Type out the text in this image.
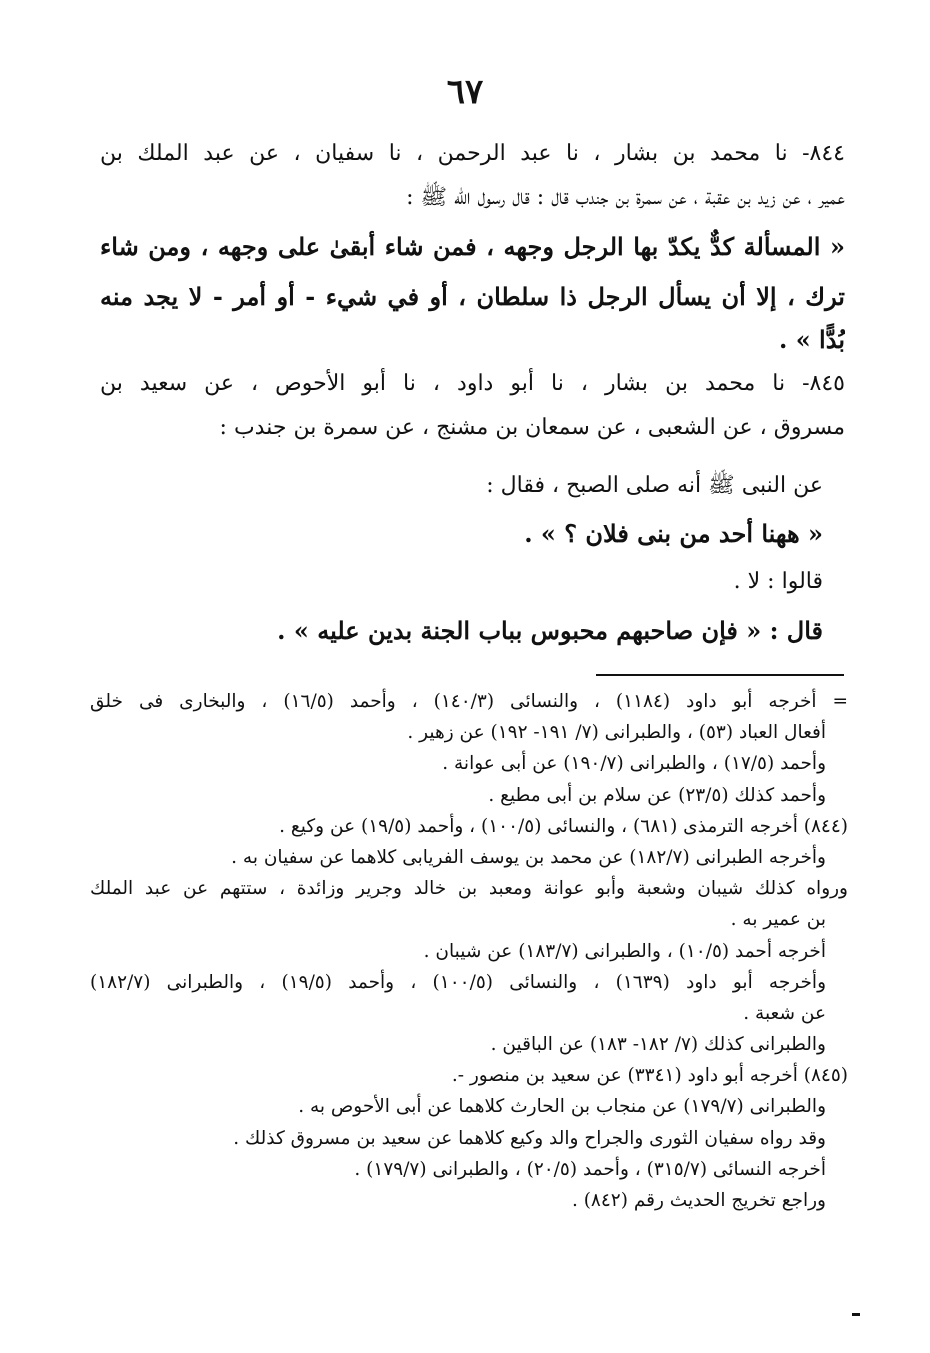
٦٧
٨٤٤- نا محمد بن بشار ، نا عبد الرحمن ، نا سفيان ، عن عبد الملك بن
عمير ، عن زيد بن عقبة ، عن سمرة بن جندب قال : قال رسول الله ﷺ :
« المسألة كدٌّ يكدّ بها الرجل وجهه ، فمن شاء أبقىٰ على وجهه ، ومن شاء
ترك ، إلا أن يسأل الرجل ذا سلطان ، أو في شيء - أو أمر - لا يجد منه
بُدًّا » .
٨٤٥- نا محمد بن بشار ، نا أبو داود ، نا أبو الأحوص ، عن سعيد بن
مسروق ، عن الشعبى ، عن سمعان بن مشنج ، عن سمرة بن جندب :
عن النبى ﷺ أنه صلى الصبح ، فقال :
« ههنا أحد من بنى فلان ؟ » .
قالوا : لا .
قال : « فإن صاحبهم محبوس بباب الجنة بدين عليه » .
= أخرجه أبو داود (١١٨٤) ، والنسائى (١٤٠/٣) ، وأحمد (١٦/٥) ، والبخارى فى خلق
أفعال العباد (٥٣) ، والطبرانى (٧/ ١٩١- ١٩٢) عن زهير .
وأحمد (١٧/٥) ، والطبرانى (١٩٠/٧) عن أبى عوانة .
وأحمد كذلك (٢٣/٥) عن سلام بن أبى مطيع .
(٨٤٤) أخرجه الترمذى (٦٨١) ، والنسائى (١٠٠/٥) ، وأحمد (١٩/٥) عن وكيع .
وأخرجه الطبرانى (١٨٢/٧) عن محمد بن يوسف الفريابى كلاهما عن سفيان به .
ورواه كذلك شيبان وشعبة وأبو عوانة ومعبد بن خالد وجرير وزائدة ، ستتهم عن عبد الملك
بن عمير به .
أخرجه أحمد (١٠/٥) ، والطبرانى (١٨٣/٧) عن شيبان .
وأخرجه أبو داود (١٦٣٩) ، والنسائى (١٠٠/٥) ، وأحمد (١٩/٥) ، والطبرانى (١٨٢/٧)
عن شعبة .
والطبرانى كذلك (٧/ ١٨٢- ١٨٣) عن الباقين .
(٨٤٥) أخرجه أبو داود (٣٣٤١) عن سعيد بن منصور -.
والطبرانى (١٧٩/٧) عن منجاب بن الحارث كلاهما عن أبى الأحوص به .
وقد رواه سفيان الثورى والجراح والد وكيع كلاهما عن سعيد بن مسروق كذلك .
أخرجه النسائى (٣١٥/٧) ، وأحمد (٢٠/٥) ، والطبرانى (١٧٩/٧) .
وراجع تخريج الحديث رقم (٨٤٢) .
